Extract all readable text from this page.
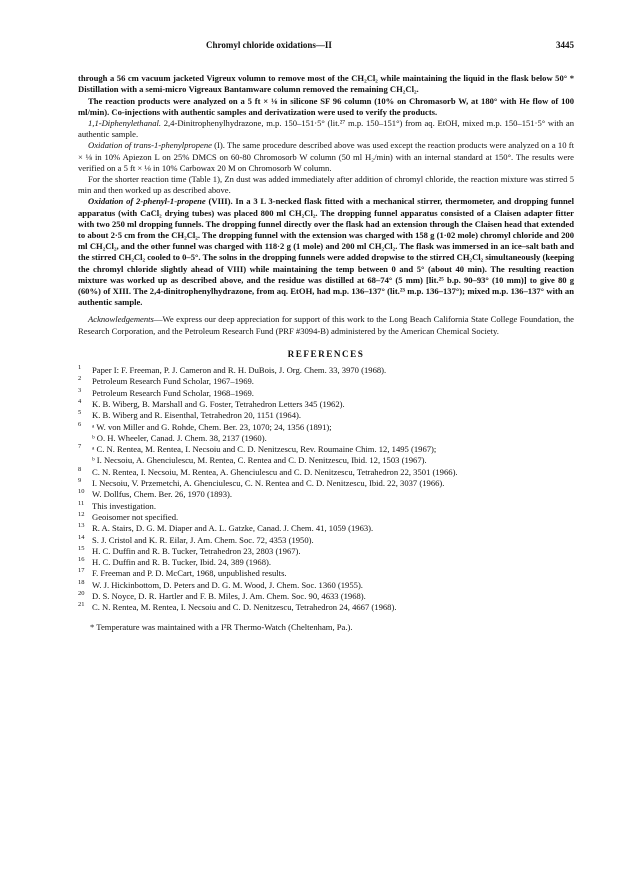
Chromyl chloride oxidations—II	3445

through a 56 cm vacuum jacketed Vigreux volumn to remove most of the CH₂Cl₂ while maintaining the liquid in the flask below 50° * Distillation with a semi-micro Vigreaux Bantamware column removed the remaining CH₂Cl₂.

The reaction products were analyzed on a 5 ft × ⅛ in silicone SF 96 column (10% on Chromasorb W, at 180° with He flow of 100 ml/min). Co-injections with authentic samples and derivatization were used to verify the products.

1,1-Diphenylethanal. 2,4-Dinitrophenylhydrazone, m.p. 150–151·5° (lit.²⁷ m.p. 150–151°) from aq. EtOH, mixed m.p. 150–151·5° with an authentic sample.

Oxidation of trans-1-phenylpropene (I). The same procedure described above was used except the reaction products were analyzed on a 10 ft × ⅛ in 10% Apiezon L on 25% DMCS on 60-80 Chromosorb W column (50 ml H₂/min) with an internal standard at 150°. The results were verified on a 5 ft × ⅛ in 10% Carbowax 20 M on Chromosorb W column.

For the shorter reaction time (Table 1), Zn dust was added immediately after addition of chromyl chloride, the reaction mixture was stirred 5 min and then worked up as described above.

Oxidation of 2-phenyl-1-propene (VIII). In a 3 L 3-necked flask fitted with a mechanical stirrer, thermometer, and dropping funnel apparatus (with CaCl₂ drying tubes) was placed 800 ml CH₂Cl₂. The dropping funnel apparatus consisted of a Claisen adapter fitter with two 250 ml dropping funnels. The dropping funnel directly over the flask had an extension through the Claisen head that extended to about 2·5 cm from the CH₂Cl₂. The dropping funnel with the extension was charged with 158 g (1·02 mole) chromyl chloride and 200 ml CH₂Cl₂, and the other funnel was charged with 118·2 g (1 mole) and 200 ml CH₂Cl₂. The flask was immersed in an ice–salt bath and the stirred CH₂Cl₂ cooled to 0–5°. The solns in the dropping funnels were added dropwise to the stirred CH₂Cl₂ simultaneously (keeping the chromyl chloride slightly ahead of VIII) while maintaining the temp between 0 and 5° (about 40 min). The resulting reaction mixture was worked up as described above, and the residue was distilled at 68–74° (5 mm) [lit.²⁵ b.p. 90–93° (10 mm)] to give 80 g (60%) of XIII. The 2,4-dinitrophenylhydrazone, from aq. EtOH, had m.p. 136–137° (lit.²³ m.p. 136–137°); mixed m.p. 136–137° with an authentic sample.

Acknowledgements—We express our deep appreciation for support of this work to the Long Beach California State College Foundation, the Research Corporation, and the Petroleum Research Fund (PRF #3094-B) administered by the American Chemical Society.

REFERENCES
1	Paper I: F. Freeman, P. J. Cameron and R. H. DuBois, J. Org. Chem. 33, 3970 (1968).
2	Petroleum Research Fund Scholar, 1967–1969.
3	Petroleum Research Fund Scholar, 1968–1969.
4	K. B. Wiberg, B. Marshall and G. Foster, Tetrahedron Letters 345 (1962).
5	K. B. Wiberg and R. Eisenthal, Tetrahedron 20, 1151 (1964).
6	ᵃ W. von Miller and G. Rohde, Chem. Ber. 23, 1070; 24, 1356 (1891);
ᵇ O. H. Wheeler, Canad. J. Chem. 38, 2137 (1960).
7	ᵃ C. N. Rentea, M. Rentea, I. Necsoiu and C. D. Nenitzescu, Rev. Roumaine Chim. 12, 1495 (1967);
ᵇ I. Necsoiu, A. Ghenciulescu, M. Rentea, C. Rentea and C. D. Nenitzescu, Ibid. 12, 1503 (1967).
8	C. N. Rentea, I. Necsoiu, M. Rentea, A. Ghenciulescu and C. D. Nenitzescu, Tetrahedron 22, 3501 (1966).
9	I. Necsoiu, V. Przemetchi, A. Ghenciulescu, C. N. Rentea and C. D. Nenitzescu, Ibid. 22, 3037 (1966).
10 W. Dollfus, Chem. Ber. 26, 1970 (1893).
11 This investigation.
12 Geoisomer not specified.
13 R. A. Stairs, D. G. M. Diaper and A. L. Gatzke, Canad. J. Chem. 41, 1059 (1963).
14 S. J. Cristol and K. R. Eilar, J. Am. Chem. Soc. 72, 4353 (1950).
15 H. C. Duffin and R. B. Tucker, Tetrahedron 23, 2803 (1967).
16 H. C. Duffin and R. B. Tucker, Ibid. 24, 389 (1968).
17 F. Freeman and P. D. McCart, 1968, unpublished results.
18 W. J. Hickinbottom, D. Peters and D. G. M. Wood, J. Chem. Soc. 1360 (1955).
20 D. S. Noyce, D. R. Hartler and F. B. Miles, J. Am. Chem. Soc. 90, 4633 (1968).
21 C. N. Rentea, M. Rentea, I. Necsoiu and C. D. Nenitzescu, Tetrahedron 24, 4667 (1968).

* Temperature was maintained with a I²R Thermo-Watch (Cheltenham, Pa.).
